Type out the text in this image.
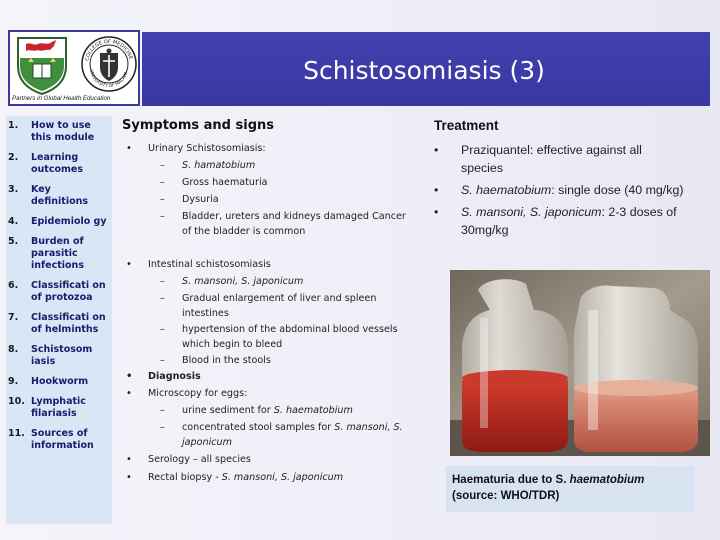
COLLEGE OF MEDICINE
UNIVERSITY OF MALAWI
Partners in Global Health Education
Schistosomiasis (3)
1.	How to use this module
2.	Learning outcomes
3.	Key definitions
4.	Epidemiolo gy
5.	Burden of parasitic infections
6.	Classificati on of protozoa
7.	Classificati on of helminths
8.	Schistosom iasis
9.	Hookworm
10. Lymphatic filariasis
11. Sources of information
Symptoms and signs
• Urinary Schistosomiasis:
– S. hamatobium
– Gross haematuria
– Dysuria
– Bladder, ureters and kidneys damaged Cancer of the bladder is common
• Intestinal schistosomiasis
– S. mansoni, S. japonicum
– Gradual enlargement of liver and spleen intestines
– hypertension of the abdominal blood vessels which begin to bleed
– Blood in the stools
• Diagnosis
• Microscopy for eggs:
– urine sediment for S. haematobium
– concentrated stool samples for S. mansoni, S. japonicum
• Serology – all species
• Rectal biopsy - S. mansoni, S. japonicum
Treatment
• Praziquantel: effective against all species
• S. haematobium: single dose (40 mg/kg)
• S. mansoni, S. japonicum: 2-3 doses of 30mg/kg
Haematuria due to S. haematobium
(source: WHO/TDR)
